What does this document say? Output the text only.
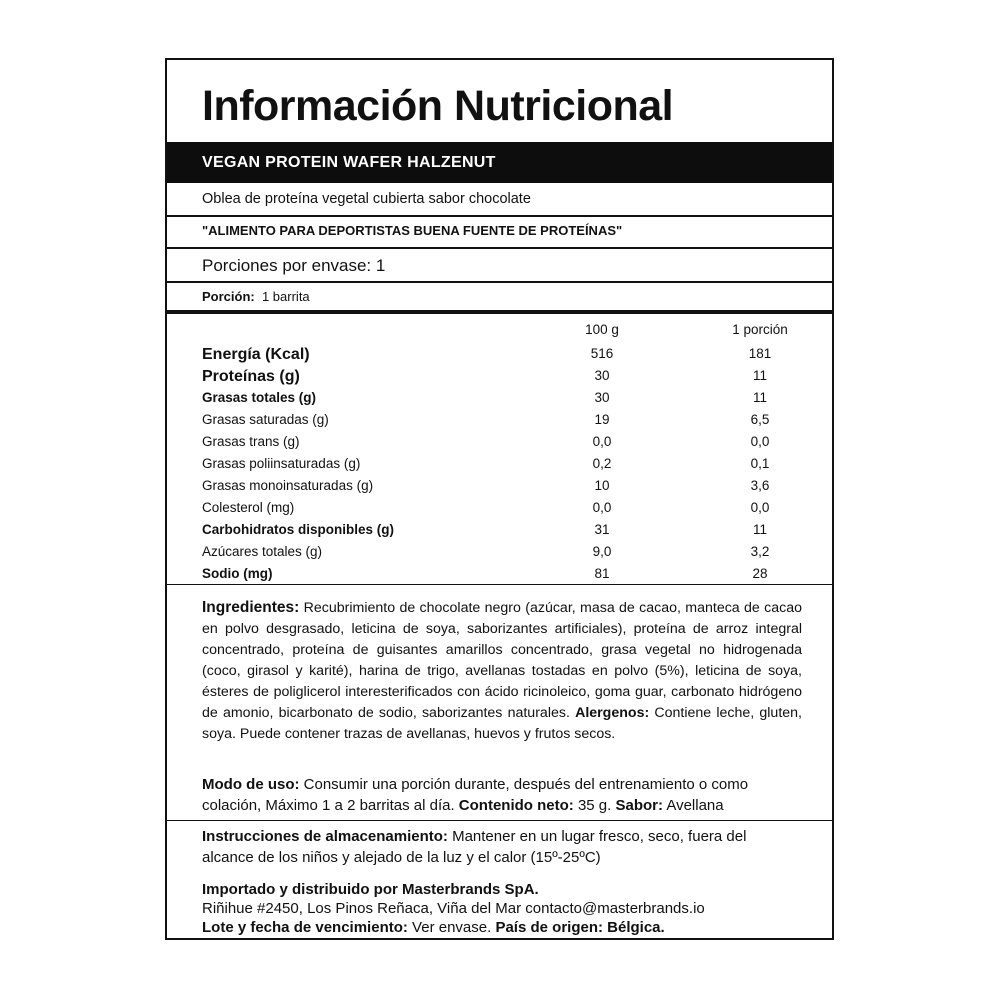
Información Nutricional
VEGAN PROTEIN WAFER HALZENUT
Oblea de proteína vegetal cubierta sabor chocolate
"ALIMENTO PARA DEPORTISTAS BUENA FUENTE DE PROTEÍNAS"
Porciones por envase: 1
Porción: 1 barrita
100 g	1 porción
Energía (Kcal)	516	181
Proteínas (g)	30	11
Grasas totales (g)	30	11
Grasas saturadas (g)	19	6,5
Grasas trans (g)	0,0	0,0
Grasas poliinsaturadas (g)	0,2	0,1
Grasas monoinsaturadas (g)	10	3,6
Colesterol (mg)	0,0	0,0
Carbohidratos disponibles (g)	31	11
Azúcares totales (g)	9,0	3,2
Sodio (mg)	81	28
Ingredientes: Recubrimiento de chocolate negro (azúcar, masa de cacao, manteca de cacao en polvo desgrasado, leticina de soya, saborizantes artificiales), proteína de arroz integral concentrado, proteína de guisantes amarillos concentrado, grasa vegetal no hidrogenada (coco, girasol y karité), harina de trigo, avellanas tostadas en polvo (5%), leticina de soya, ésteres de poliglicerol interesterificados con ácido ricinoleico, goma guar, carbonato hidrógeno de amonio, bicarbonato de sodio, saborizantes naturales. Alergenos: Contiene leche, gluten, soya. Puede contener trazas de avellanas, huevos y frutos secos.
Modo de uso: Consumir una porción durante, después del entrenamiento o como colación, Máximo 1 a 2 barritas al día. Contenido neto: 35 g. Sabor: Avellana
Instrucciones de almacenamiento: Mantener en un lugar fresco, seco, fuera del alcance de los niños y alejado de la luz y el calor (15º-25ºC)
Importado y distribuido por Masterbrands SpA.
Riñihue #2450, Los Pinos Reñaca, Viña del Mar contacto@masterbrands.io
Lote y fecha de vencimiento: Ver envase. País de origen: Bélgica.
